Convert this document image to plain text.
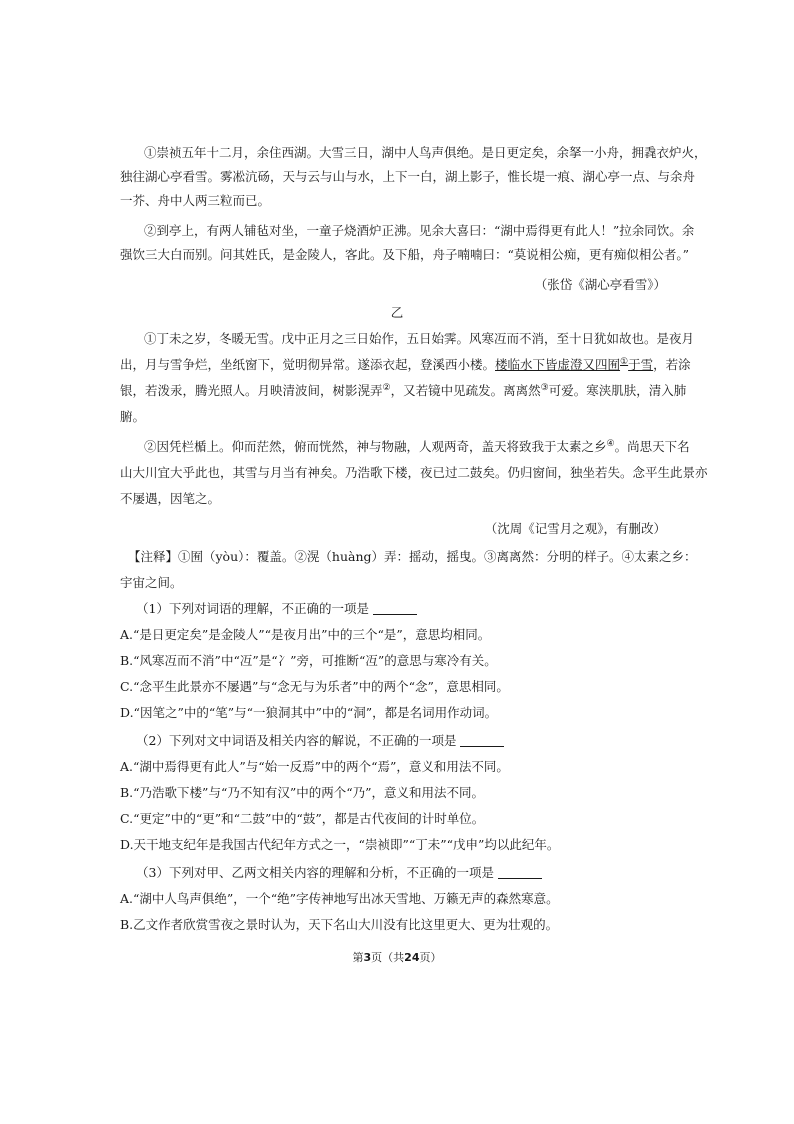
①崇祯五年十二月，余住西湖。大雪三日，湖中人鸟声俱绝。是日更定矣，余拏一小舟，拥毳衣炉火，
独往湖心亭看雪。雾凇沆砀，天与云与山与水，上下一白，湖上影子，惟长堤一痕、湖心亭一点、与余舟
一芥、舟中人两三粒而已。
②到亭上，有两人铺毡对坐，一童子烧酒炉正沸。见余大喜曰：“湖中焉得更有此人！”拉余同饮。余
强饮三大白而别。问其姓氏，是金陵人，客此。及下船，舟子喃喃曰：“莫说相公痴，更有痴似相公者。”
（张岱《湖心亭看雪》）
乙
①丁未之岁，冬暖无雪。戊中正月之三日始作，五日始霁。风寒冱而不消，至十日犹如故也。是夜月
出，月与雪争烂，坐纸窗下，觉明彻异常。遂添衣起，登溪西小楼。楼临水下皆虚澄又四囿①于雪，若涂
银，若泼汞，腾光照人。月映清波间，树影滉弄②，又若镜中见疏发。离离然③可爱。寒浃肌肤，清入肺
腑。
②因凭栏楯上。仰而茫然，俯而恍然，神与物融，人观两奇，盖天将致我于太素之乡④。尚思天下名
山大川宜大乎此也，其雪与月当有神矣。乃浩歌下楼，夜已过二鼓矣。仍归窗间，独坐若失。念平生此景亦
不屡遇，因笔之。
（沈周《记雪月之观》，有删改）
【注释】①囿（yòu）：覆盖。②滉（huàng）弄：摇动，摇曳。③离离然：分明的样子。④太素之乡：
宇宙之间。
（1）下列对词语的理解，不正确的一项是
A.“是日更定矣”是金陵人”“是夜月出”中的三个“是”，意思均相同。
B.“风寒冱而不消”中“冱”是“冫”旁，可推断“冱”的意思与寒冷有关。
C.“念平生此景亦不屡遇”与“念无与为乐者”中的两个“念”，意思相同。
D.“因笔之”中的“笔”与“一狼洞其中”中的“洞”，都是名词用作动词。
（2）下列对文中词语及相关内容的解说，不正确的一项是
A.“湖中焉得更有此人”与“始一反焉”中的两个“焉”，意义和用法不同。
B.“乃浩歌下楼”与“乃不知有汉”中的两个“乃”，意义和用法不同。
C.“更定”中的“更”和“二鼓”中的“鼓”，都是古代夜间的计时单位。
D.天干地支纪年是我国古代纪年方式之一，“崇祯即”“丁未”“戊申”均以此纪年。
（3）下列对甲、乙两文相关内容的理解和分析，不正确的一项是
A.“湖中人鸟声俱绝”，一个“绝”字传神地写出冰天雪地、万籁无声的森然寒意。
B.乙文作者欣赏雪夜之景时认为，天下名山大川没有比这里更大、更为壮观的。
第3页（共24页）
